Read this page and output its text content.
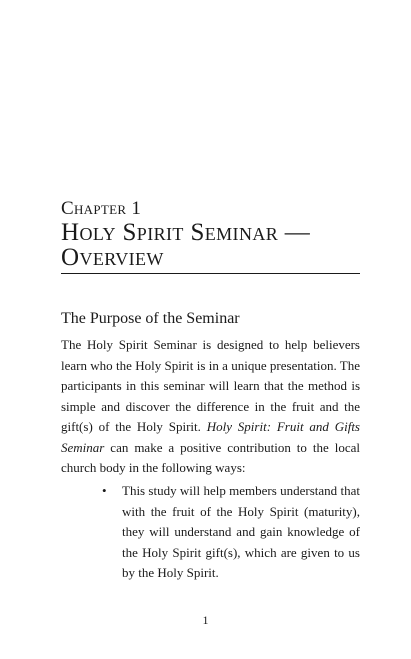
Chapter 1
Holy Spirit Seminar —
Overview
The Purpose of the Seminar

The Holy Spirit Seminar is designed to help believers learn who the Holy Spirit is in a unique presentation. The participants in this seminar will learn that the method is simple and discover the difference in the fruit and the gift(s) of the Holy Spirit. Holy Spirit: Fruit and Gifts Seminar can make a positive contribution to the local church body in the following ways:

• This study will help members understand that with the fruit of the Holy Spirit (maturity), they will understand and gain knowledge of the Holy Spirit gift(s), which are given to us by the Holy Spirit.
1
